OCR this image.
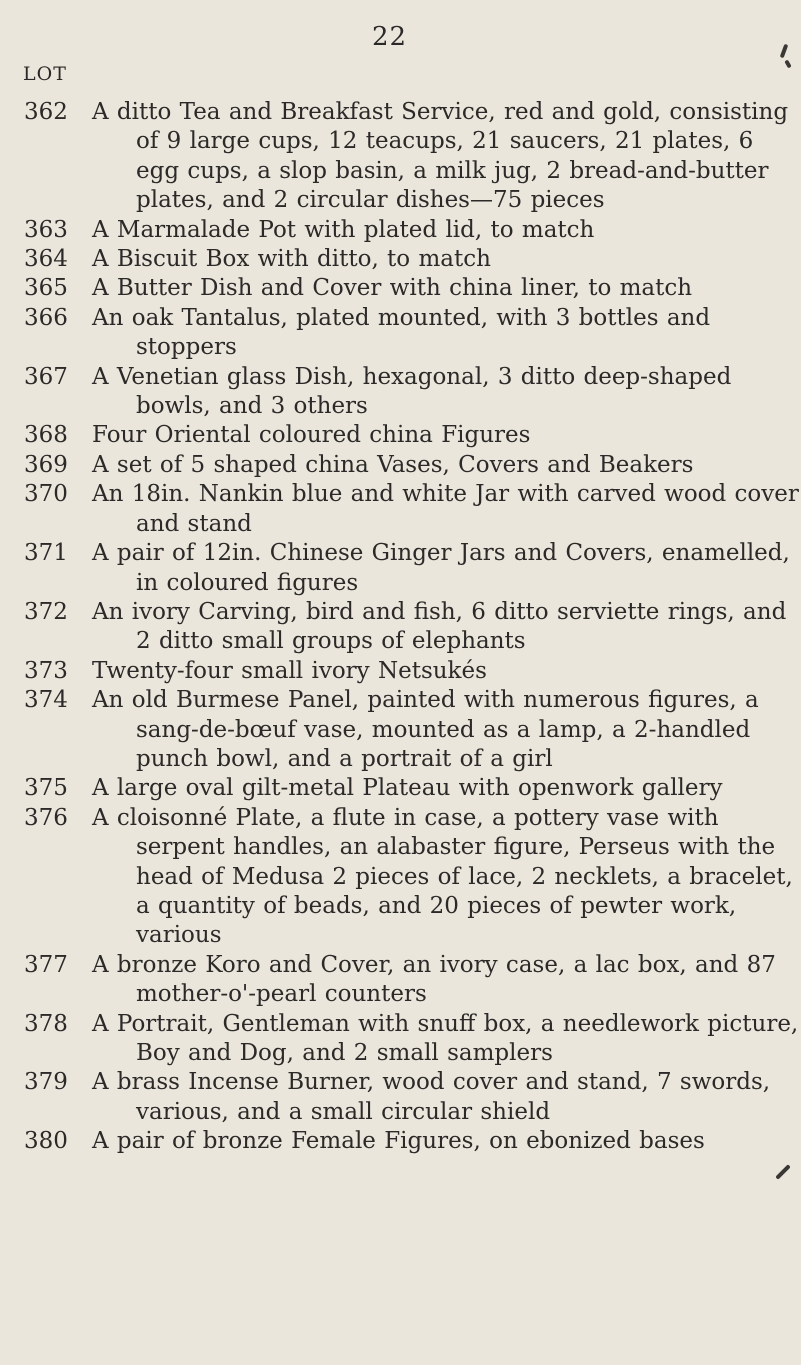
22
LOT
362	A ditto Tea and Breakfast Service, red and gold, consisting of 9 large cups, 12 teacups, 21 saucers, 21 plates, 6 egg cups, a slop basin, a milk jug, 2 bread-and-butter plates, and 2 circular dishes—75 pieces
363	A Marmalade Pot with plated lid, to match
364	A Biscuit Box with ditto, to match
365	A Butter Dish and Cover with china liner, to match
366	An oak Tantalus, plated mounted, with 3 bottles and stoppers
367	A Venetian glass Dish, hexagonal, 3 ditto deep-shaped bowls, and 3 others
368	Four Oriental coloured china Figures
369	A set of 5 shaped china Vases, Covers and Beakers
370	An 18in. Nankin blue and white Jar with carved wood cover and stand
371	A pair of 12in. Chinese Ginger Jars and Covers, enamelled, in coloured figures
372	An ivory Carving, bird and fish, 6 ditto serviette rings, and 2 ditto small groups of elephants
373	Twenty-four small ivory Netsukés
374	An old Burmese Panel, painted with numerous figures, a sang-de-bœuf vase, mounted as a lamp, a 2-handled punch bowl, and a portrait of a girl
375	A large oval gilt-metal Plateau with openwork gallery
376	A cloisonné Plate, a flute in case, a pottery vase with serpent handles, an alabaster figure, Perseus with the head of Medusa 2 pieces of lace, 2 necklets, a bracelet, a quantity of beads, and 20 pieces of pewter work, various
377	A bronze Koro and Cover, an ivory case, a lac box, and 87 mother-o'-pearl counters
378	A Portrait, Gentleman with snuff box, a needlework picture, Boy and Dog, and 2 small samplers
379	A brass Incense Burner, wood cover and stand, 7 swords, various, and a small circular shield
380	A pair of bronze Female Figures, on ebonized bases
